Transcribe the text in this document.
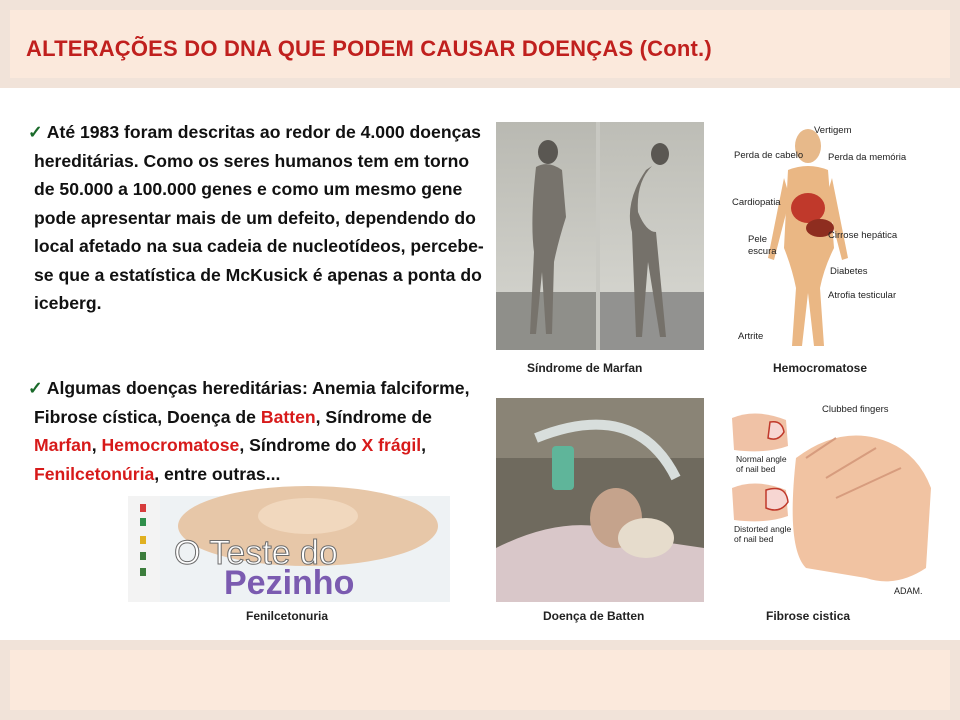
ALTERAÇÕES DO DNA QUE PODEM CAUSAR DOENÇAS (Cont.)
✓ Até 1983 foram descritas ao redor de 4.000 doenças hereditárias. Como os seres humanos tem em torno de 50.000 a 100.000 genes e como um mesmo gene pode apresentar mais de um defeito, dependendo do local afetado na sua cadeia de nucleotídeos, percebe-se que a estatística de McKusick é apenas a ponta do iceberg.
✓ Algumas doenças hereditárias: Anemia falciforme, Fibrose cística, Doença de Batten, Síndrome de Marfan, Hemocromatose, Síndrome do X frágil, Fenilcetonúria, entre outras...
Síndrome de Marfan
Vertigem
Perda de cabelo	Perda da memória
Cardiopatia
Cirrose hepática
Pele
escura
Diabetes
Atrofia testicular
Artrite
Hemocromatose
Doença de Batten
Clubbed fingers
Normal angle
of nail bed
Distorted angle
of nail bed
ADAM.
Fibrose cistica
O Teste do
Pezinho
Fenilcetonuria
